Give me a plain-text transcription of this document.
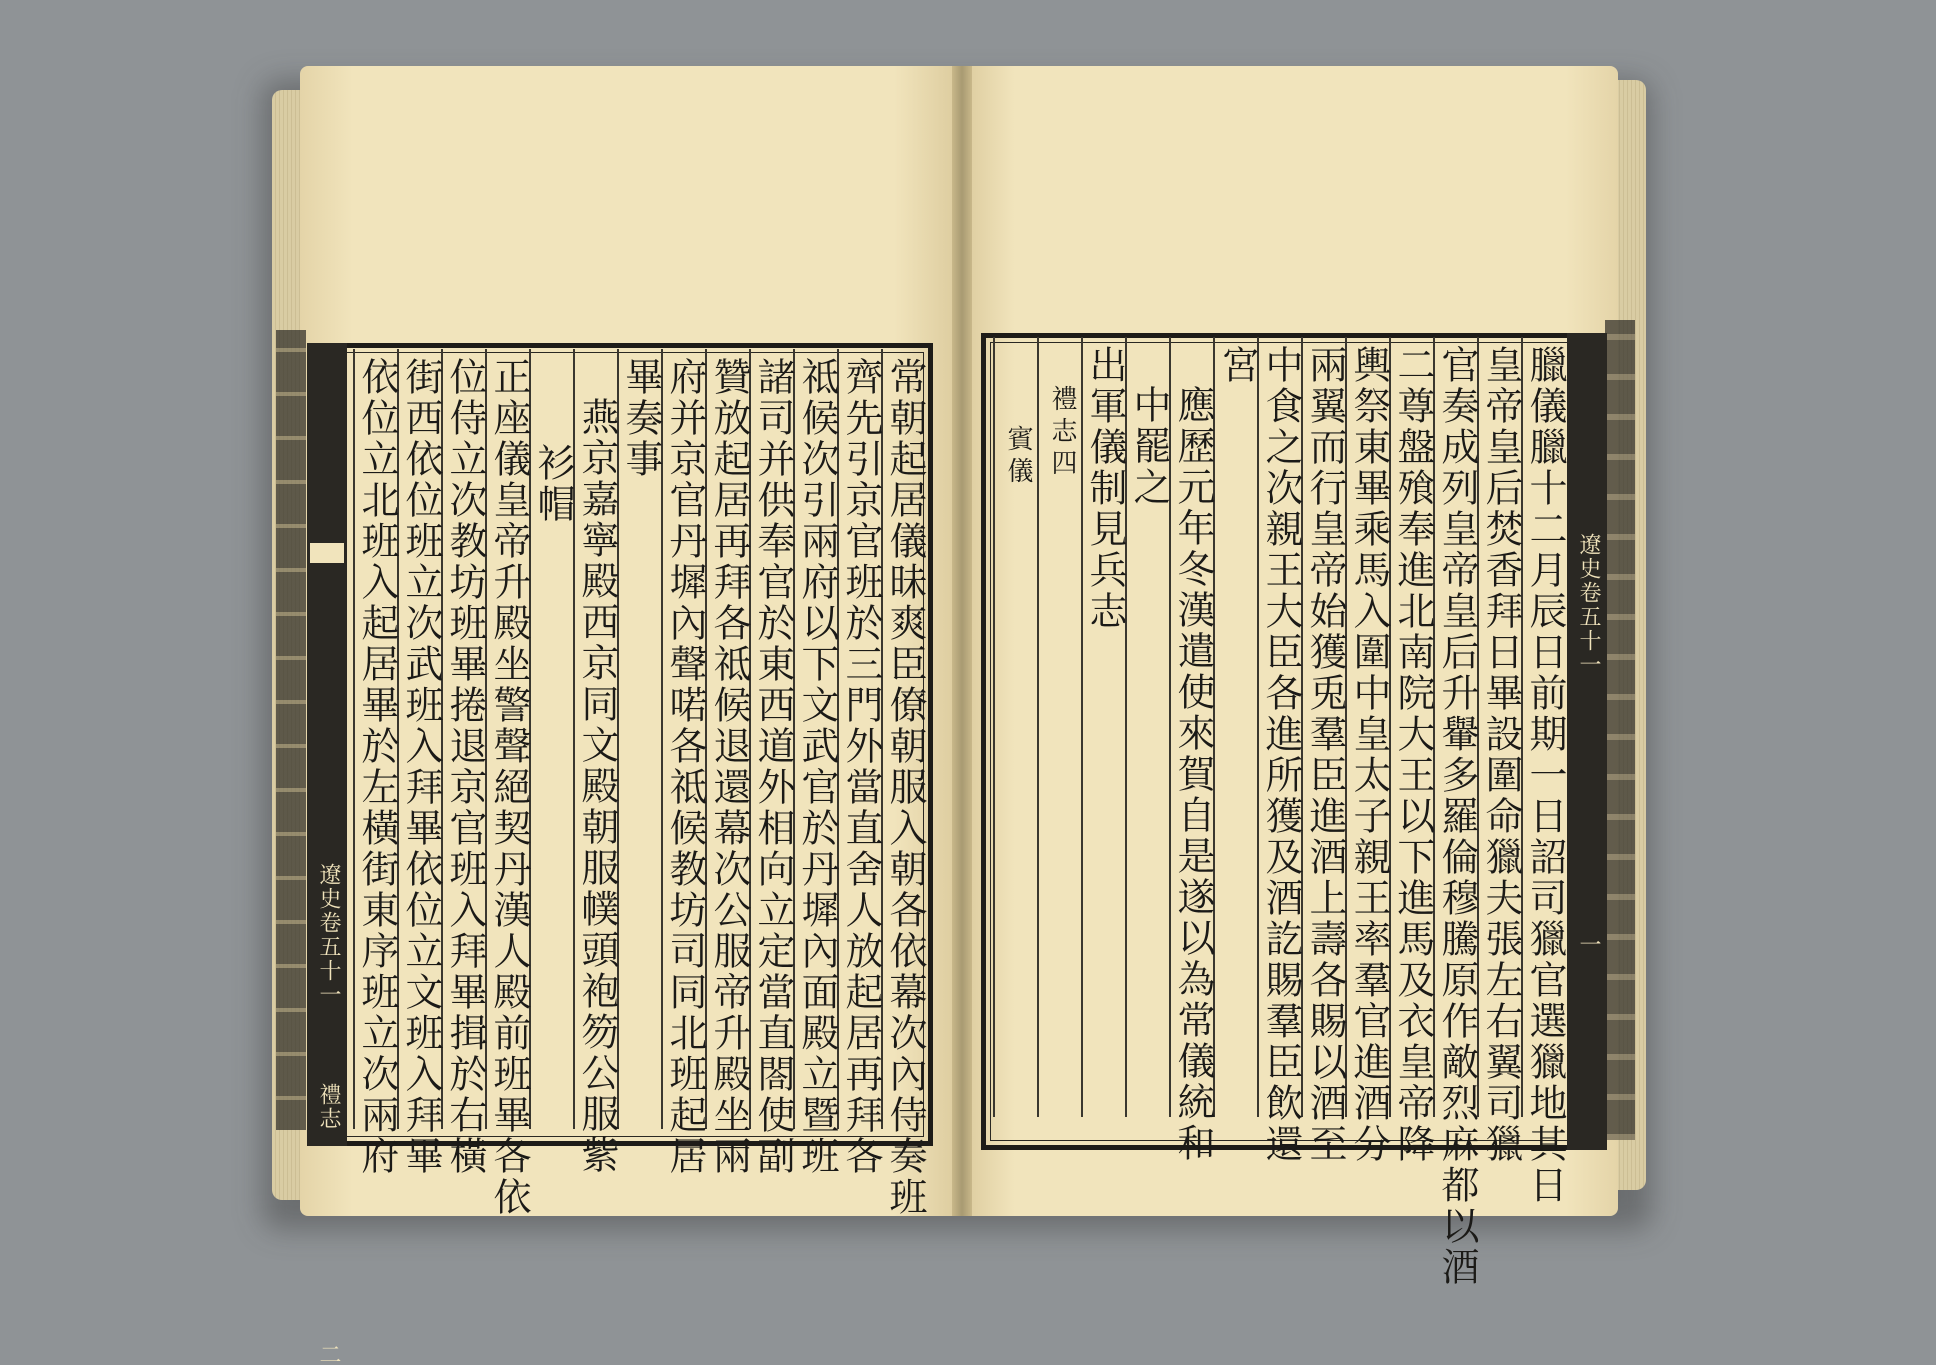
遼史卷五十一
禮志
二
常朝起居儀昧爽臣僚朝服入朝各依幕次內侍奏班
齊先引京官班於三門外當直舍人放起居再拜各
祗候次引兩府以下文武官於丹墀內面殿立暨班
諸司并供奉官於東西道外相向立定當直閤使副
贊放起居再拜各祗候退還幕次公服帝升殿坐兩
府并京官丹墀內聲喏各祗候教坊司同北班起居
畢奏事
燕京嘉寧殿西京同文殿朝服幞頭袍笏公服紫
衫帽
正座儀皇帝升殿坐警聲絕契丹漢人殿前班畢各依
位侍立次教坊班畢捲退京官班入拜畢揖於右橫
街西依位班立次武班入拜畢依位立文班入拜畢
依位立北班入起居畢於左橫街東序班立次兩府	遼史卷五十一
一
臘儀臘十二月辰日前期一日詔司獵官選獵地其日
皇帝皇后焚香拜日畢設圍命獵夫張左右翼司獵
官奏成列皇帝皇后升轝多羅倫穆騰原作敵烈麻都以酒
二尊盤飱奉進北南院大王以下進馬及衣皇帝降
輿祭東畢乘馬入圍中皇太子親王率羣官進酒分
兩翼而行皇帝始獲兎羣臣進酒上壽各賜以酒至
中食之次親王大臣各進所獲及酒訖賜羣臣飲還
宮
應歷元年冬漢遣使來賀自是遂以為常儀統和
中罷之
出軍儀制見兵志
禮志四
賓儀
